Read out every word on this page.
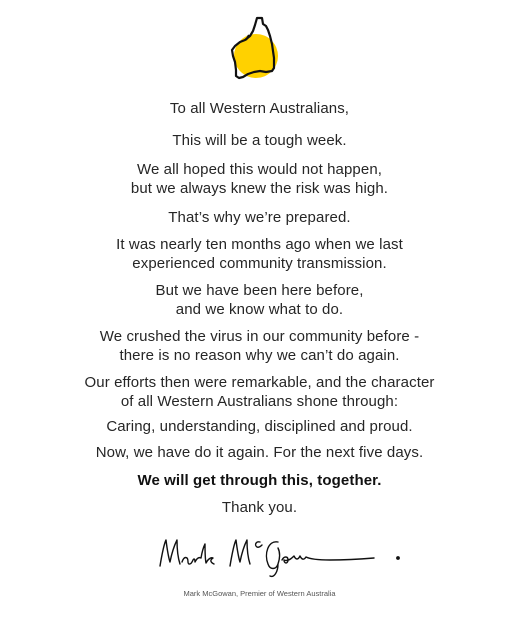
To all Western Australians,
This will be a tough week.
We all hoped this would not happen,
but we always knew the risk was high.
That’s why we’re prepared.
It was nearly ten months ago when we last
experienced community transmission.
But we have been here before,
and we know what to do.
We crushed the virus in our community before -
there is no reason why we can’t do again.
Our efforts then were remarkable, and the character
of all Western Australians shone through:
Caring, understanding, disciplined and proud.
Now, we have do it again. For the next five days.
We will get through this, together.
Thank you.
Mark McGowan, Premier of Western Australia
